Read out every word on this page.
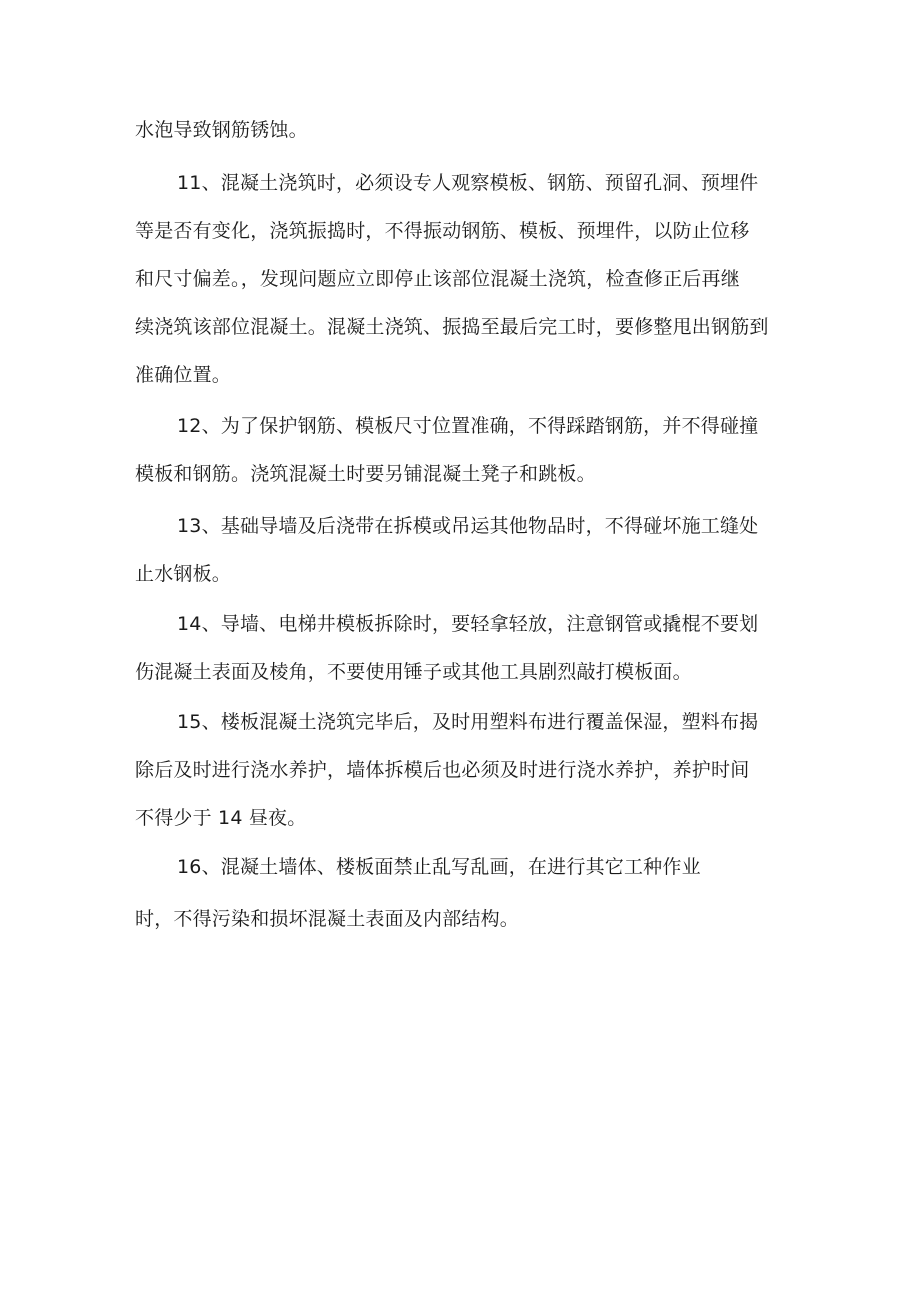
水泡导致钢筋锈蚀。
11、混凝土浇筑时，必须设专人观察模板、钢筋、预留孔洞、预埋件
等是否有变化，浇筑振捣时，不得振动钢筋、模板、预埋件，以防止位移
和尺寸偏差。，发现问题应立即停止该部位混凝土浇筑，检查修正后再继
续浇筑该部位混凝土。混凝土浇筑、振捣至最后完工时，要修整甩出钢筋到
准确位置。
12、为了保护钢筋、模板尺寸位置准确，不得踩踏钢筋，并不得碰撞
模板和钢筋。浇筑混凝土时要另铺混凝土凳子和跳板。
13、基础导墙及后浇带在拆模或吊运其他物品时，不得碰坏施工缝处
止水钢板。
14、导墙、电梯井模板拆除时，要轻拿轻放，注意钢管或撬棍不要划
伤混凝土表面及棱角，不要使用锤子或其他工具剧烈敲打模板面。
15、楼板混凝土浇筑完毕后，及时用塑料布进行覆盖保湿，塑料布揭
除后及时进行浇水养护，墙体拆模后也必须及时进行浇水养护，养护时间
不得少于 14 昼夜。
16、混凝土墙体、楼板面禁止乱写乱画，在进行其它工种作业
时，不得污染和损坏混凝土表面及内部结构。
